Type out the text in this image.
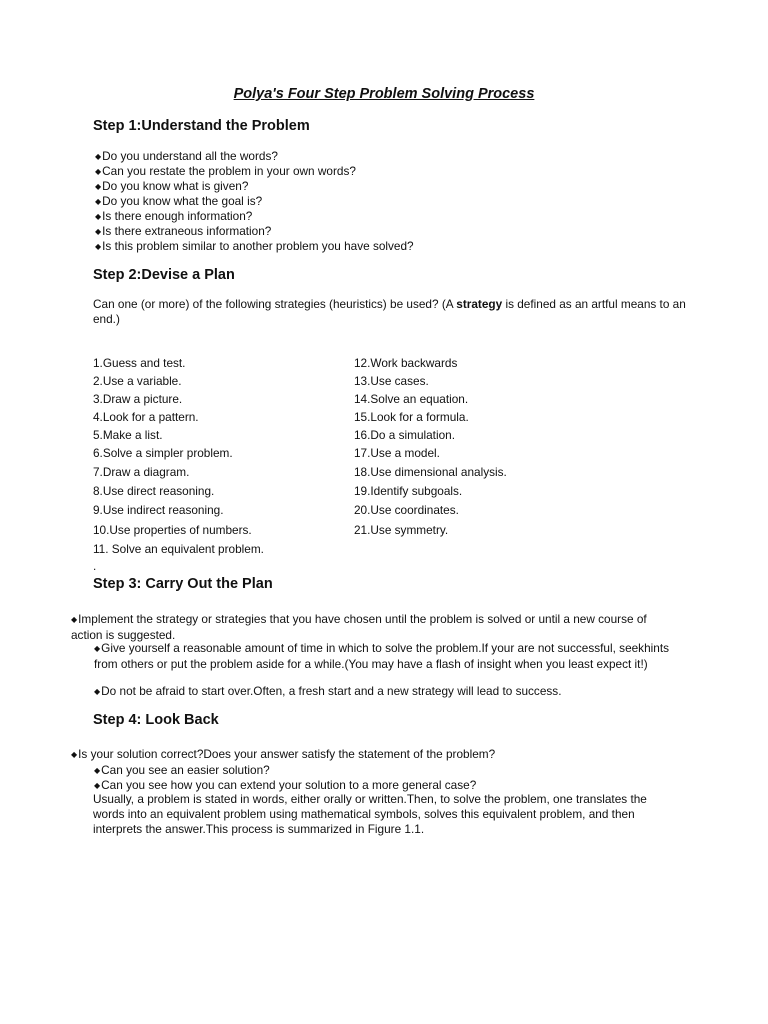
Polya's Four Step Problem Solving Process
Step 1:Understand the Problem
◆Do you understand all the words?
◆Can you restate the problem in your own words?
◆Do you know what is given?
◆Do you know what the goal is?
◆Is there enough information?
◆Is there extraneous information?
◆Is this problem similar to another problem you have solved?
Step 2:Devise a Plan
Can one (or more) of the following strategies (heuristics) be used? (A strategy is defined as an artful means to an end.)
1.Guess and test.
2.Use a variable.
3.Draw a picture.
4.Look for a pattern.
5.Make a list.
6.Solve a simpler problem.
7.Draw a diagram.
8.Use direct reasoning.
9.Use indirect reasoning.
10.Use properties of numbers.
11. Solve an equivalent problem.
12.Work backwards
13.Use cases.
14.Solve an equation.
15.Look for a formula.
16.Do a simulation.
17.Use a model.
18.Use dimensional analysis.
19.Identify subgoals.
20.Use coordinates.
21.Use symmetry.
.
Step 3: Carry Out the Plan
◆Implement the strategy or strategies that you have chosen until the problem is solved or until a new course of action is suggested.
◆Give yourself a reasonable amount of time in which to solve the problem.If your are not successful, seekhints from others or put the problem aside for a while.(You may have a flash of insight when you least expect it!)
◆Do not be afraid to start over.Often, a fresh start and a new strategy will lead to success.
Step 4: Look Back
◆Is your solution correct?Does your answer satisfy the statement of the problem?
◆Can you see an easier solution?
◆Can you see how you can extend your solution to a more general case?
Usually, a problem is stated in words, either orally or written.Then, to solve the problem, one translates the words into an equivalent problem using mathematical symbols, solves this equivalent problem, and then interprets the answer.This process is summarized in Figure 1.1.
